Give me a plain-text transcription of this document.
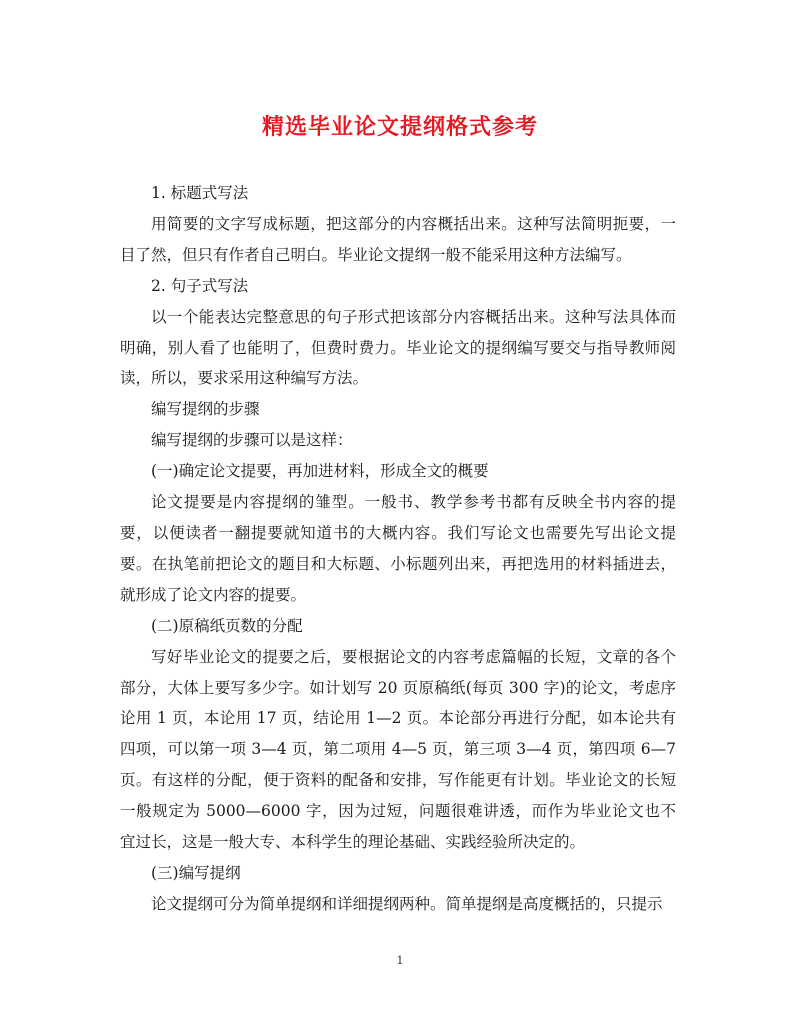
精选毕业论文提纲格式参考

1. 标题式写法

用简要的文字写成标题，把这部分的内容概括出来。这种写法简明扼要，一目了然，但只有作者自己明白。毕业论文提纲一般不能采用这种方法编写。

2. 句子式写法

以一个能表达完整意思的句子形式把该部分内容概括出来。这种写法具体而明确，别人看了也能明了，但费时费力。毕业论文的提纲编写要交与指导教师阅读，所以，要求采用这种编写方法。

编写提纲的步骤

编写提纲的步骤可以是这样：

(一)确定论文提要，再加进材料，形成全文的概要

论文提要是内容提纲的雏型。一般书、教学参考书都有反映全书内容的提要，以便读者一翻提要就知道书的大概内容。我们写论文也需要先写出论文提要。在执笔前把论文的题目和大标题、小标题列出来，再把选用的材料插进去，就形成了论文内容的提要。

(二)原稿纸页数的分配

写好毕业论文的提要之后，要根据论文的内容考虑篇幅的长短，文章的各个部分，大体上要写多少字。如计划写 20 页原稿纸(每页 300 字)的论文，考虑序论用 1 页，本论用 17 页，结论用 1—2 页。本论部分再进行分配，如本论共有四项，可以第一项 3—4 页，第二项用 4—5 页，第三项 3—4 页，第四项 6—7 页。有这样的分配，便于资料的配备和安排，写作能更有计划。毕业论文的长短一般规定为 5000—6000 字，因为过短，问题很难讲透，而作为毕业论文也不 宜过长，这是一般大专、本科学生的理论基础、实践经验所决定的。

(三)编写提纲

论文提纲可分为简单提纲和详细提纲两种。简单提纲是高度概括的，只提示

1
